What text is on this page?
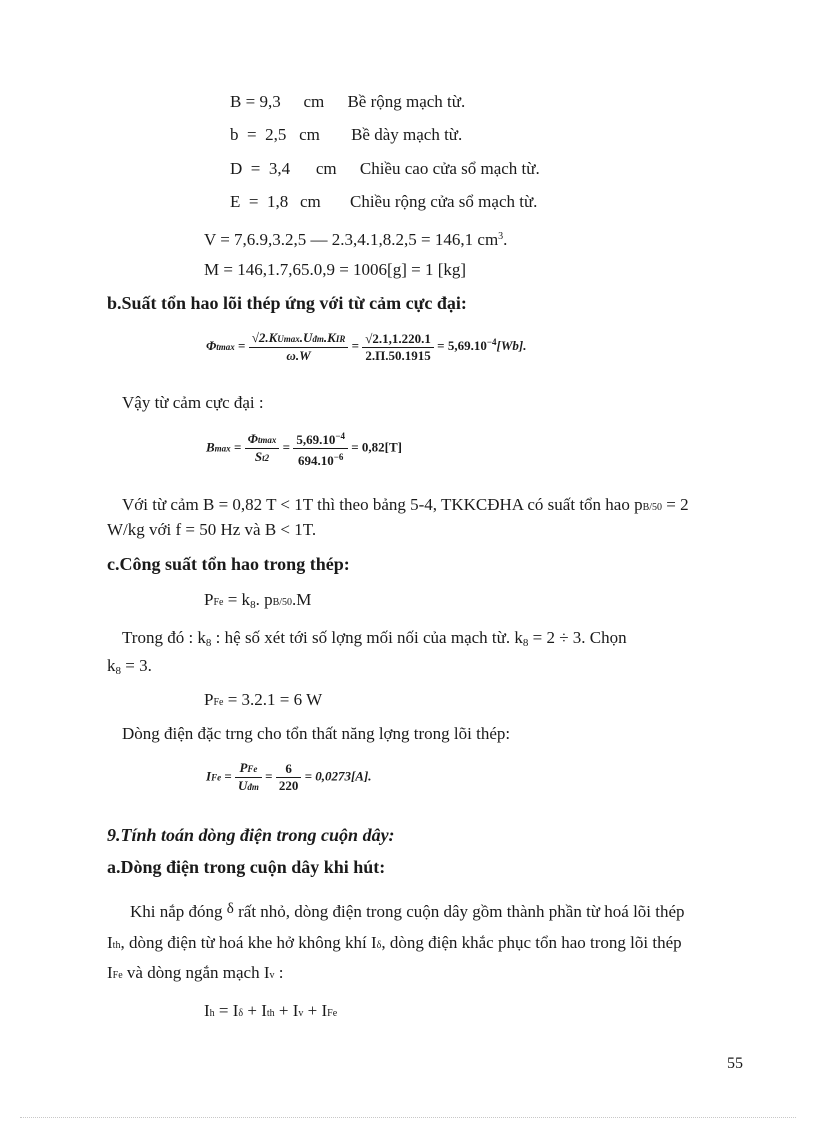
B = 9,3 cm Bề rộng mạch từ.
b  =  2,5 cm Bề dày mạch từ.
D  =  3,4 cm Chiều cao cửa sổ mạch từ.
E  =  1,8 cm Chiều rộng cửa sổ mạch từ.
V = 7,6.9,3.2,5 — 2.3,4.1,8.2,5 = 146,1 $cm^3$.
M = 146,1.7,65.0,9 = 1006[g] = 1 [kg]
b.Suất tổn hao lõi thép ứng với từ cảm cực đại:
$\Phi tmax = \frac{\text{√2.KUmax.Uđm.KIR}}{\omega.W} = \frac{√2.1,1.220.1}{2.П.50.1915} = 5,69.10^{-4}[Wb]$.
Vậy từ cảm cực đại :
$Bmax = \frac{\Phi tmax}{St2} = \frac{5,69.10^{-4}}{694.10^{-6}} = 0,82[T]$
Với từ cảm B = 0,82 T < 1T thì theo bảng 5-4, TKKCĐHA có suất tổn hao pB/50 = 2
W/kg với f = 50 Hz và B < 1T.
c.Công suất tổn hao trong thép:
PFe = $k_8$. pB/50.M
Trong đó : $k_8$ : hệ số xét tới số lợng mối nối của mạch từ. $k_8 = 2 \div 3$. Chọn
$k_8 = 3$.
PFe = 3.2.1 = 6 W
Dòng điện đặc trng cho tổn thất năng lợng trong lõi thép:
IFe = $\frac{\text{PFe}}{\text{Uđm}} = \frac{6}{220} = 0,0273[A]$.
9.Tính toán dòng điện trong cuộn dây:
a.Dòng điện trong cuộn dây khi hút:
Khi nắp đóng δ rất nhỏ, dòng điện trong cuộn dây gồm thành phần từ hoá lõi thép
Ith, dòng điện từ hoá khe hở không khí Iδ, dòng điện khắc phục tổn hao trong lõi thép
IFe và dòng ngắn mạch Iv :
Ih = Iδ + Ith + Iv + IFe
55
